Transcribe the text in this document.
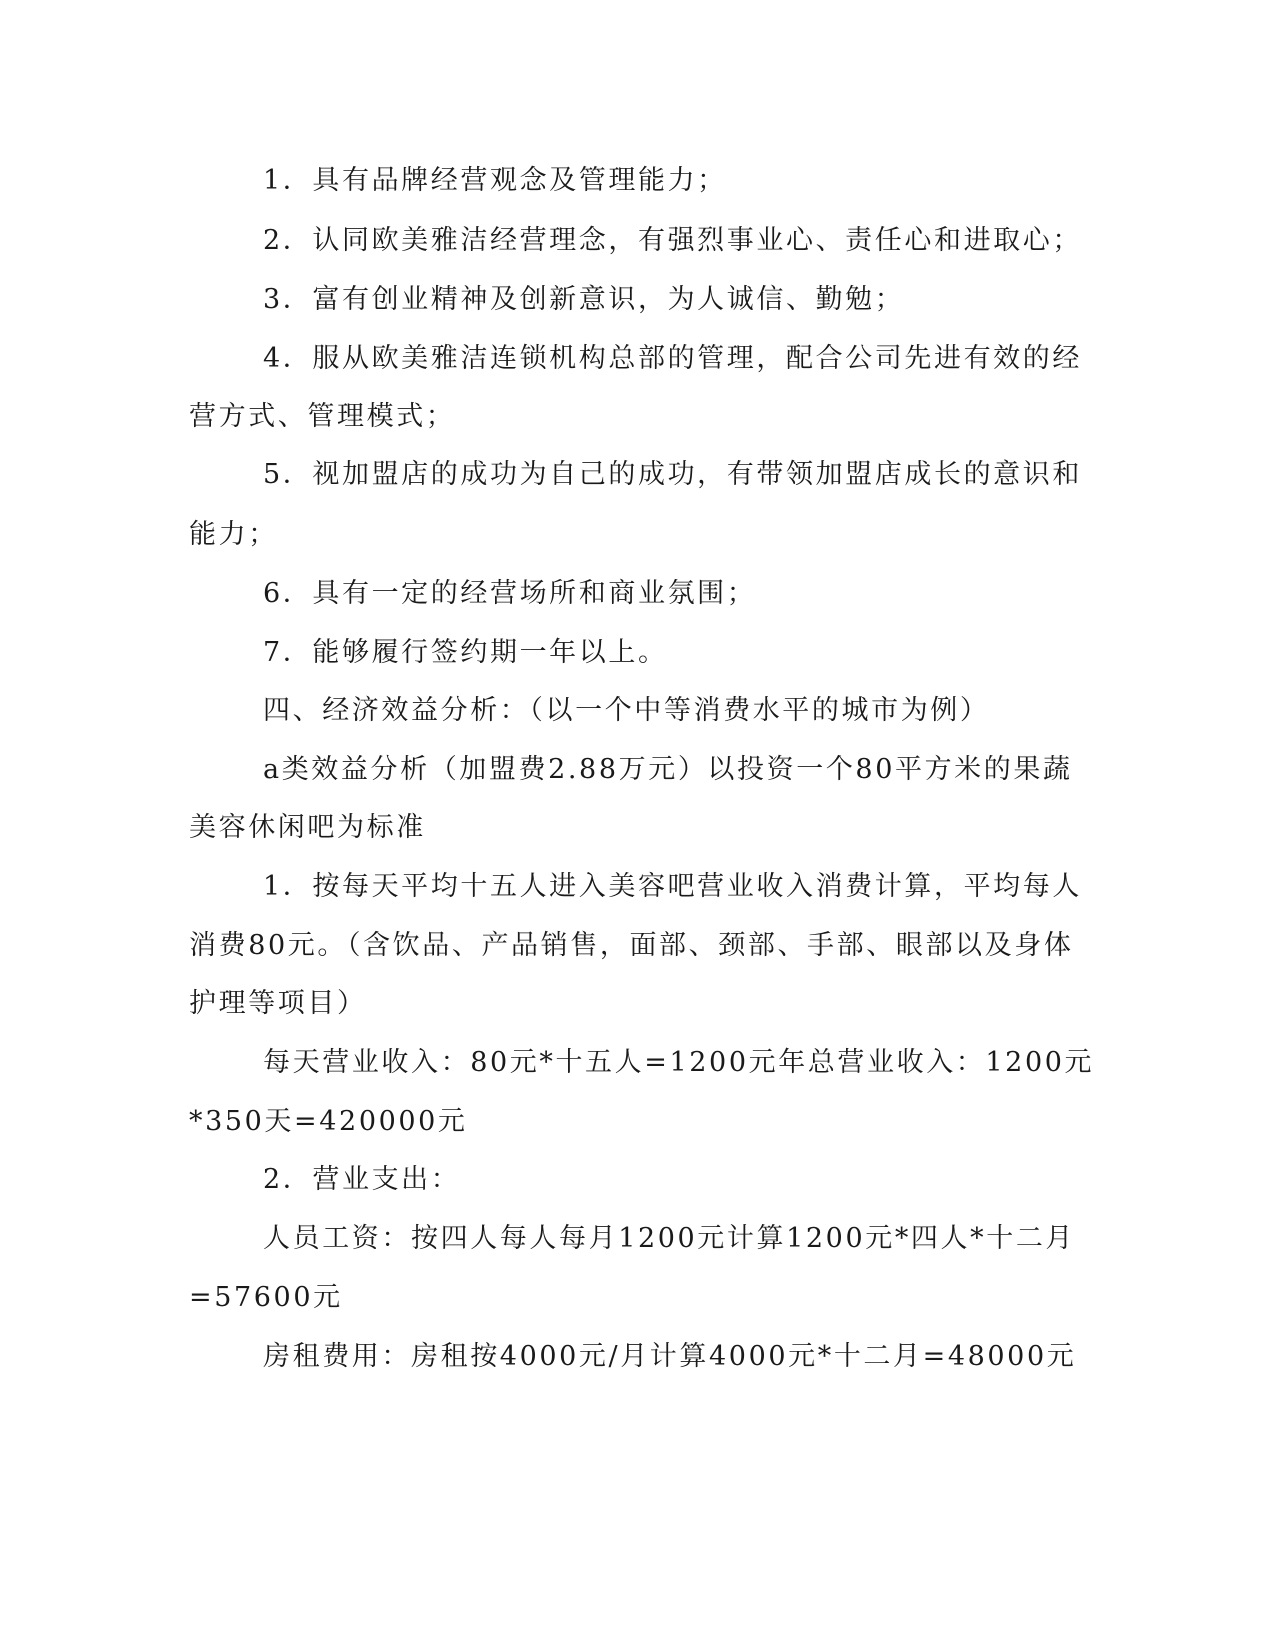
1．具有品牌经营观念及管理能力；
2．认同欧美雅洁经营理念，有强烈事业心、责任心和进取心；
3．富有创业精神及创新意识，为人诚信、勤勉；
4．服从欧美雅洁连锁机构总部的管理，配合公司先进有效的经
营方式、管理模式；
5．视加盟店的成功为自己的成功，有带领加盟店成长的意识和
能力；
6．具有一定的经营场所和商业氛围；
7．能够履行签约期一年以上。
四、经济效益分析：（以一个中等消费水平的城市为例）
a类效益分析（加盟费2.88万元）以投资一个80平方米的果蔬
美容休闲吧为标准
1．按每天平均十五人进入美容吧营业收入消费计算，平均每人
消费80元。（含饮品、产品销售，面部、颈部、手部、眼部以及身体
护理等项目）
每天营业收入：80元*十五人=1200元年总营业收入：1200元
*350天=420000元
2．营业支出：
人员工资：按四人每人每月1200元计算1200元*四人*十二月
=57600元
房租费用：房租按4000元/月计算4000元*十二月=48000元
